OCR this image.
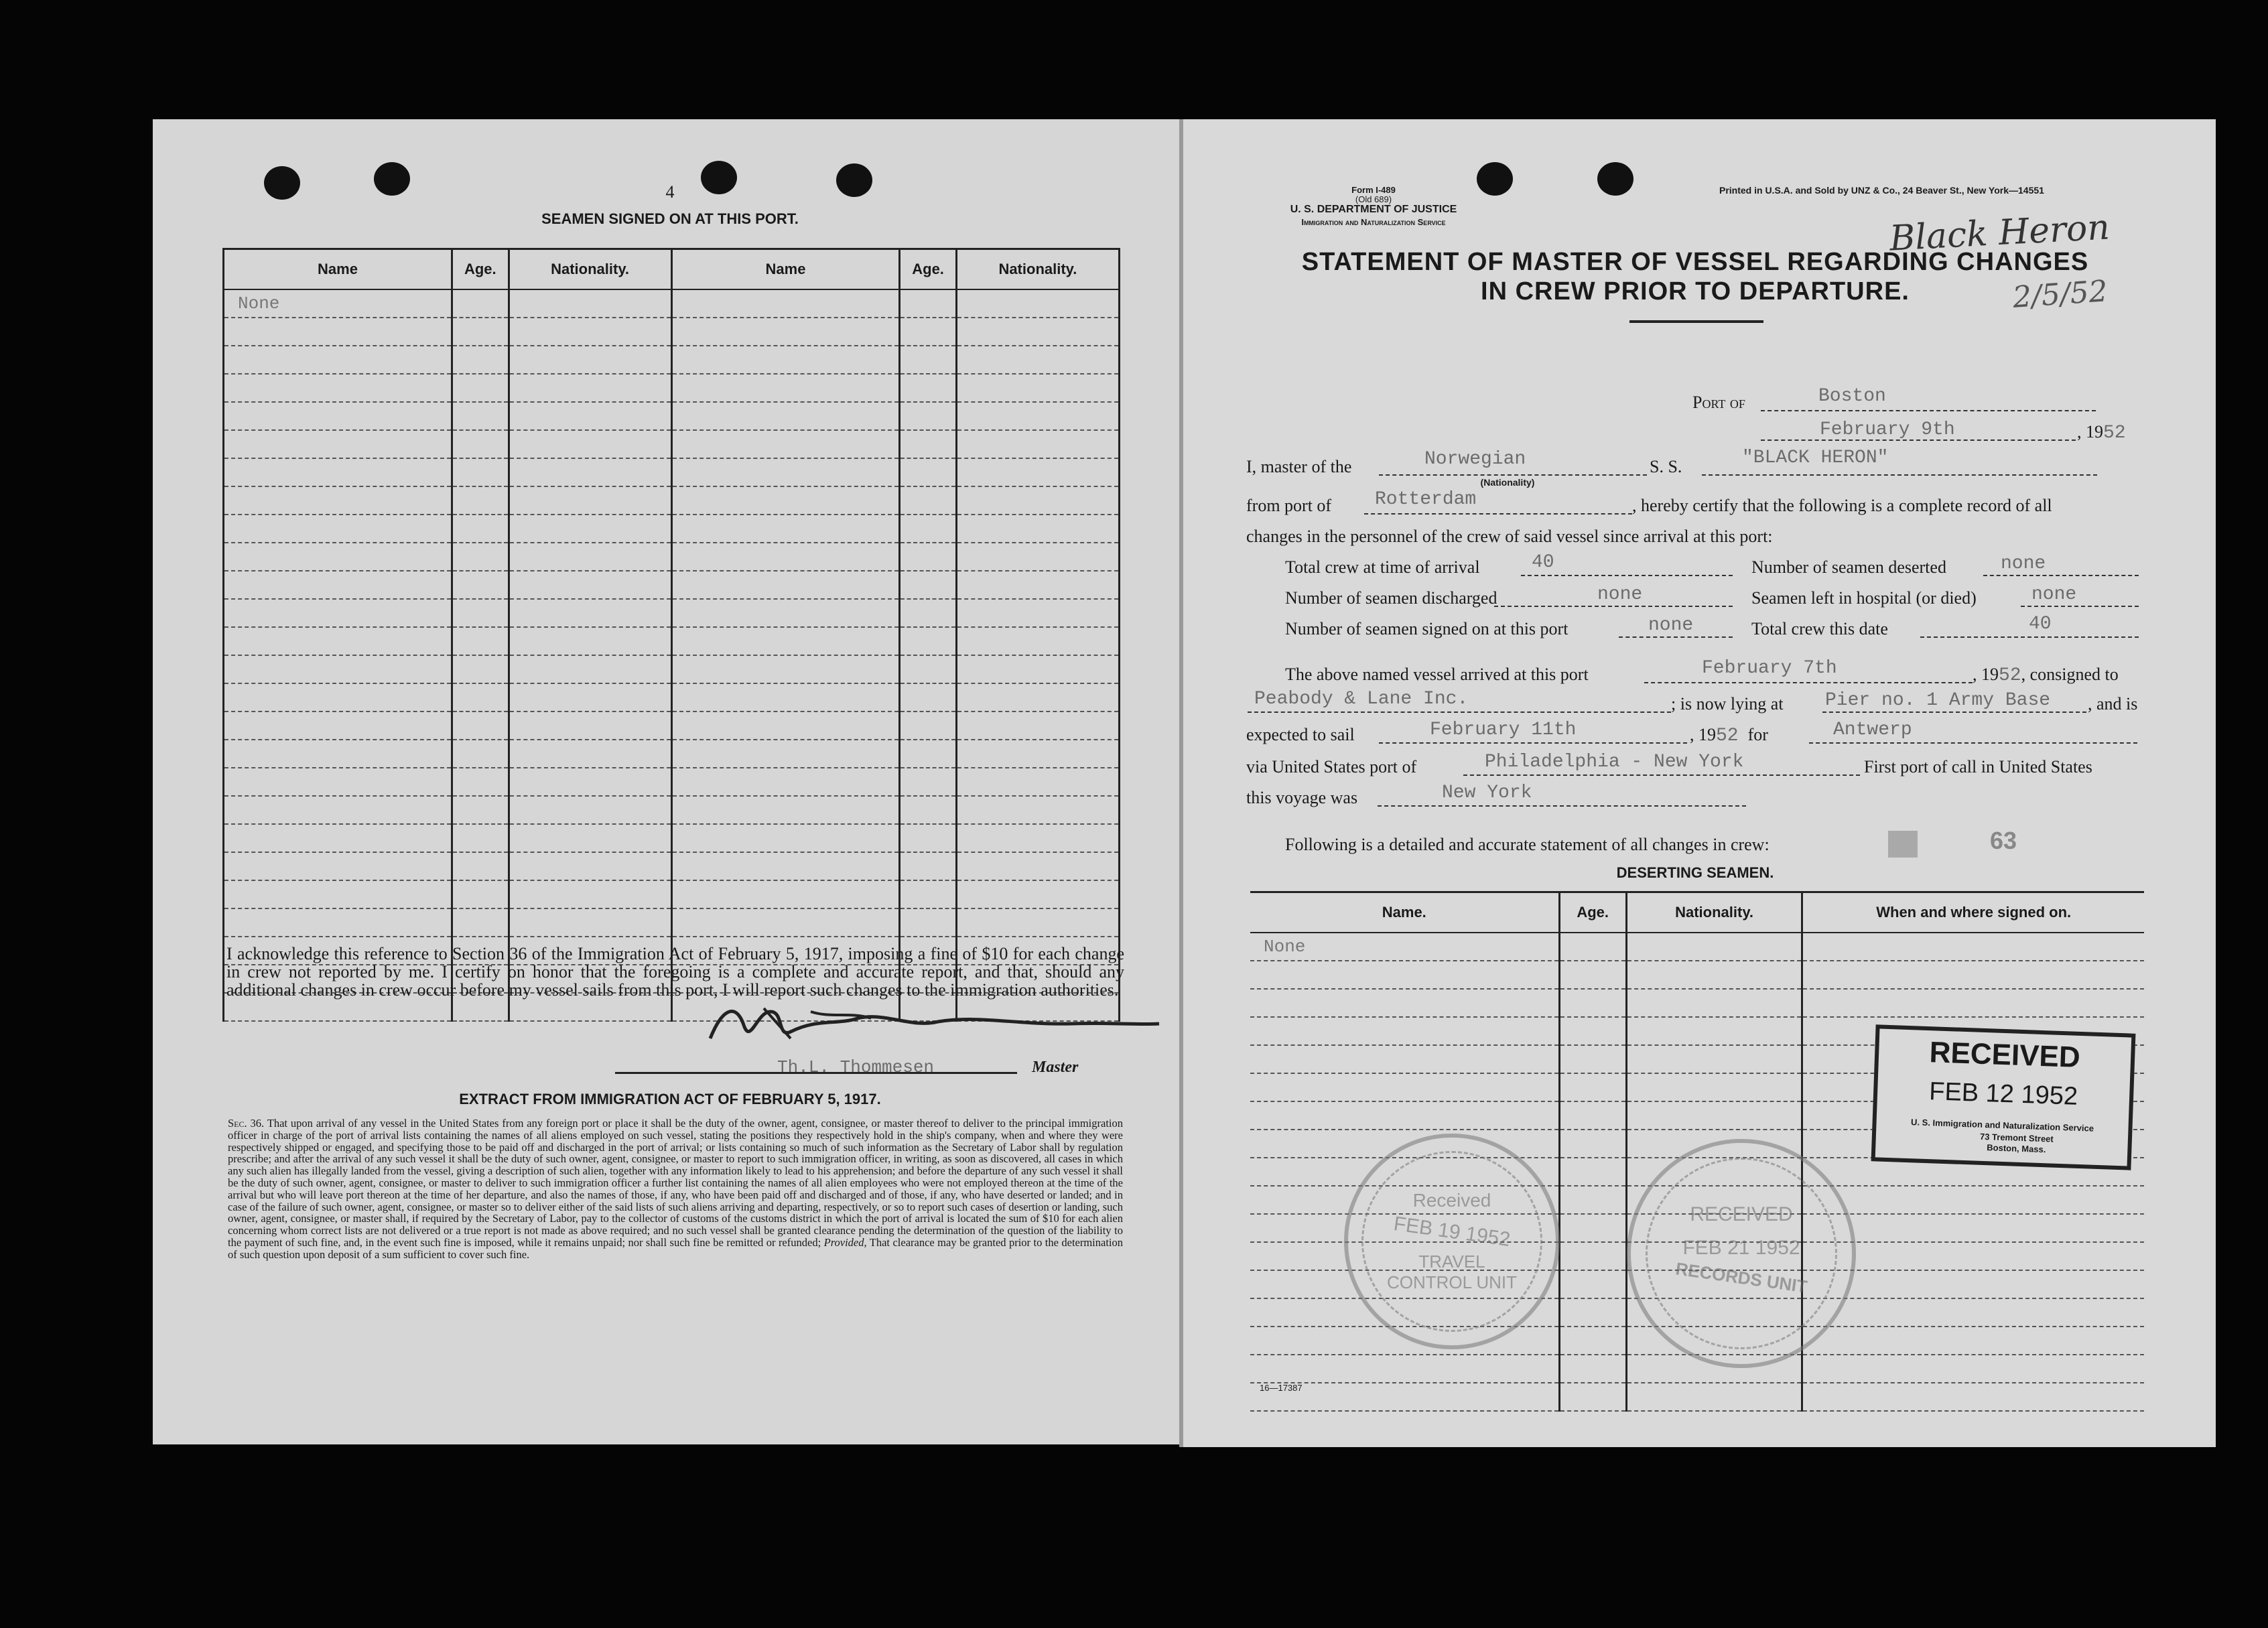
4
SEAMEN SIGNED ON AT THIS PORT.
Name	Age.	Nationality.	Name	Age.	Nationality.
None					

I acknowledge this reference to Section 36 of the Immigration Act of February 5, 1917, imposing a fine of $10 for each change in crew not reported by me. I certify on honor that the foregoing is a complete and accurate report, and that, should any additional changes in crew occur before my vessel sails from this port, I will report such changes to the immigration authorities.
Th.L. Thommesen	Master
EXTRACT FROM IMMIGRATION ACT OF FEBRUARY 5, 1917.
Sec. 36. That upon arrival of any vessel in the United States from any foreign port or place it shall be the duty of the owner, agent, consignee, or master thereof to deliver to the principal immigration officer in charge of the port of arrival lists containing the names of all aliens employed on such vessel, stating the positions they respectively hold in the ship's company, when and where they were respectively shipped or engaged, and specifying those to be paid off and discharged in the port of arrival; or lists containing so much of such information as the Secretary of Labor shall by regulation prescribe; and after the arrival of any such vessel it shall be the duty of such owner, agent, consignee, or master to report to such immigration officer, in writing, as soon as discovered, all cases in which any such alien has illegally landed from the vessel, giving a description of such alien, together with any information likely to lead to his apprehension; and before the departure of any such vessel it shall be the duty of such owner, agent, consignee, or master to deliver to such immigration officer a further list containing the names of all alien employees who were not employed thereon at the time of the arrival but who will leave port thereon at the time of her departure, and also the names of those, if any, who have been paid off and discharged and of those, if any, who have deserted or landed; and in case of the failure of such owner, agent, consignee, or master so to deliver either of the said lists of such aliens arriving and departing, respectively, or so to report such cases of desertion or landing, such owner, agent, consignee, or master shall, if required by the Secretary of Labor, pay to the collector of customs of the customs district in which the port of arrival is located the sum of $10 for each alien concerning whom correct lists are not delivered or a true report is not made as above required; and no such vessel shall be granted clearance pending the determination of the question of the liability to the payment of such fine, and, in the event such fine is imposed, while it remains unpaid; nor shall such fine be remitted or refunded; Provided, That clearance may be granted prior to the determination of such question upon deposit of a sum sufficient to cover such fine.
Form I-489
(Old 689)
U. S. DEPARTMENT OF JUSTICE
Immigration and Naturalization Service
Printed in U.S.A. and Sold by UNZ & Co., 24 Beaver St., New York—14551
Black Heron
2/5/52
STATEMENT OF MASTER OF VESSEL REGARDING CHANGES
IN CREW PRIOR TO DEPARTURE.
Port of	Boston
February 9th	, 1952
I, master of the	Norwegian
(Nationality)
S. S.	"BLACK HERON"
from port of Rotterdam	, hereby certify that the following is a complete record of all
changes in the personnel of the crew of said vessel since arrival at this port:
Total crew at time of arrival	40	Number of seamen deserted	none
Number of seamen discharged	none	Seamen left in hospital (or died)	none
Number of seamen signed on at this port	none	Total crew this date	40
The above named vessel arrived at this port	February 7th	, 1952, consigned to
Peabody & Lane Inc.	; is now lying at Pier no. 1 Army Base , and is
expected to sail	February 11th	, 1952 for	Antwerp
via United States port of	Philadelphia - New York	First port of call in United States
this voyage was	New York
Following is a detailed and accurate statement of all changes in crew:	63
DESERTING SEAMEN.
Name.	Age.	Nationality.	When and where signed on.
None			

RECEIVED
FEB 12 1952
U. S. Immigration and Naturalization Service
73 Tremont Street
Boston, Mass.
Received
FEB 19 1952
TRAVEL CONTROL UNIT
RECEIVED
FEB 21 1952
RECORDS UNIT
16—17387
